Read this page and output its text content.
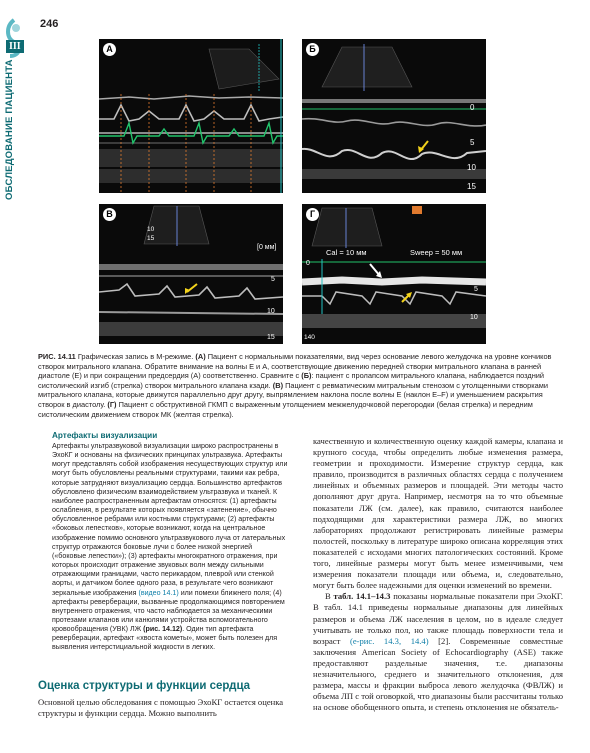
III
ОБСЛЕДОВАНИЕ ПАЦИЕНТА
246
А	Б
0
5
10
15
В
[0 мм]
10
15
5
10
15
Г
Cal = 10 мм	Sweep = 50 мм
0
5
10
140
РИС. 14.11 Графическая запись в М-режиме. (А) Пациент с нормальными показателями, вид через основание левого желудочка на уровне кончиков створок митрального клапана. Обратите внимание на волны Е и А, соответствующие движению передней створки митрального клапана в ранней диастоле (Е) и при сокращении предсердия (А) соответственно. Сравните с (Б): пациент с пролапсом митрального клапана, наблюдается поздний систолический изгиб (стрелка) створок митрального клапана кзади. (В) Пациент с ревматическим митральным стенозом с утолщенными створками митрального клапана, которые движутся параллельно друг другу, выпрямлением наклона после волны Е (наклон Е–F) и уменьшением раскрытия створок в диастолу. (Г) Пациент с обструктивной ГКМП с выраженным утолщением межжелудочковой перегородки (белая стрелка) и передним систолическим движением створок МК (желтая стрелка).
Артефакты визуализации
Артефакты ультразвуковой визуализации широко распространены в ЭхоКГ и основаны на физических принципах ультразвука. Артефакты могут представлять собой изображения несуществующих структур или могут быть обусловлены реальными структурами, такими как ребра, которые затрудняют визуализацию сердца. Большинство артефактов обусловлено физическим взаимодействием ультразвука и тканей. К наиболее распространенным артефактам относятся: (1) артефакты ослабления, в результате которых появляется «затенение», обычно обусловленное ребрами или костными структурами; (2) артефакты «боковых лепестков», которые возникают, когда на центральное изображение помимо основного ультразвукового луча от латеральных структур отражаются боковые лучи с более низкой энергией («боковые лепестки»); (3) артефакты многократного отражения, при которых происходит отражение звуковых волн между сильными отражающими границами, часто перикардом, плеврой или стенкой аорты, и датчиком более одного раза, в результате чего возникают зеркальные изображения (видео 14.1) или помехи ближнего поля; (4) артефакты реверберации, вызванные продолжающимся повторением внутреннего отражения, что часто наблюдается за механическими протезами клапанов или канюлями устройства вспомогательного кровообращения (УВК) ЛЖ (рис. 14.12). Один тип артефакта реверберации, артефакт «хвоста кометы», может быть полезен для выявления интерстициальной жидкости в легких.
Оценка структуры и функции сердца
Основной целью обследования с помощью ЭхоКГ остается оценка структуры и функции сердца. Можно выполнить

качественную и количественную оценку каждой камеры, клапана и крупного сосуда, чтобы определить любые изменения размера, геометрии и проходимости. Измерение структур сердца, как правило, производится в различных областях сердца с получением линейных и объемных размеров и площадей. Эти методы часто дополняют друг друга. Например, несмотря на то что объемные показатели ЛЖ (см. далее), как правило, считаются наиболее подходящими для характеристики размера ЛЖ, во многих лабораториях продолжают регистрировать линейные размеры полостей, поскольку в литературе широко описана корреляция этих показателей с исходами многих патологических состояний. Кроме того, линейные размеры могут быть менее изменчивыми, чем измерения показатели площади или объема, и, следовательно, могут быть более надежными для оценки изменений во времени.

В табл. 14.1–14.3 показаны нормальные показатели при ЭхоКГ. В табл. 14.1 приведены нормальные диапазоны для линейных размеров и объема ЛЖ населения в целом, но в идеале следует учитывать не только пол, но также площадь поверхности тела и возраст (e-рис. 14.3, 14.4) [2]. Современные совместные заключения American Society of Echocardiography (ASE) также предоставляют раздельные значения, т.е. диапазоны незначительного, среднего и значительного отклонения, для размера, массы и фракции выброса левого желудочка (ФВЛЖ) и объема ЛП с той оговоркой, что диапазоны были рассчитаны только на основе обобщенного опыта, и степень отклонения не обязатель-
